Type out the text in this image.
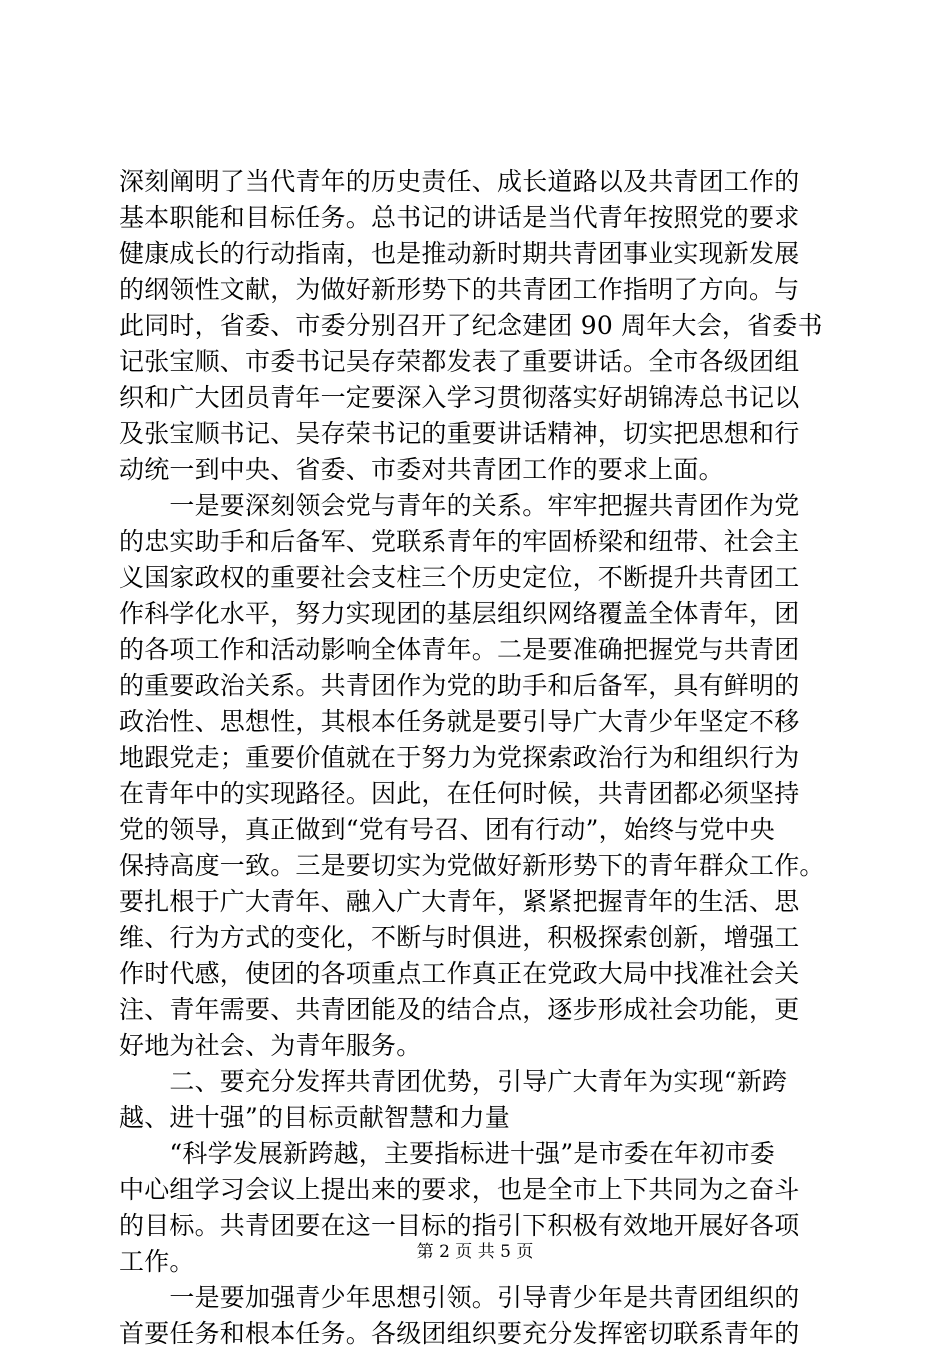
深刻阐明了当代青年的历史责任、成长道路以及共青团工作的
基本职能和目标任务。总书记的讲话是当代青年按照党的要求
健康成长的行动指南，也是推动新时期共青团事业实现新发展
的纲领性文献，为做好新形势下的共青团工作指明了方向。与
此同时，省委、市委分别召开了纪念建团 90 周年大会，省委书
记张宝顺、市委书记吴存荣都发表了重要讲话。全市各级团组
织和广大团员青年一定要深入学习贯彻落实好胡锦涛总书记以
及张宝顺书记、吴存荣书记的重要讲话精神，切实把思想和行
动统一到中央、省委、市委对共青团工作的要求上面。
　　一是要深刻领会党与青年的关系。牢牢把握共青团作为党
的忠实助手和后备军、党联系青年的牢固桥梁和纽带、社会主
义国家政权的重要社会支柱三个历史定位，不断提升共青团工
作科学化水平，努力实现团的基层组织网络覆盖全体青年，团
的各项工作和活动影响全体青年。二是要准确把握党与共青团
的重要政治关系。共青团作为党的助手和后备军，具有鲜明的
政治性、思想性，其根本任务就是要引导广大青少年坚定不移
地跟党走；重要价值就在于努力为党探索政治行为和组织行为
在青年中的实现路径。因此，在任何时候，共青团都必须坚持
党的领导，真正做到“党有号召、团有行动”，始终与党中央
保持高度一致。三是要切实为党做好新形势下的青年群众工作。
要扎根于广大青年、融入广大青年，紧紧把握青年的生活、思
维、行为方式的变化，不断与时俱进，积极探索创新，增强工
作时代感，使团的各项重点工作真正在党政大局中找准社会关
注、青年需要、共青团能及的结合点，逐步形成社会功能，更
好地为社会、为青年服务。
　　二、要充分发挥共青团优势，引导广大青年为实现“新跨
越、进十强”的目标贡献智慧和力量
　　“科学发展新跨越，主要指标进十强”是市委在年初市委
中心组学习会议上提出来的要求，也是全市上下共同为之奋斗
的目标。共青团要在这一目标的指引下积极有效地开展好各项
工作。
　　一是要加强青少年思想引领。引导青少年是共青团组织的
首要任务和根本任务。各级团组织要充分发挥密切联系青年的
第 2 页 共 5 页
